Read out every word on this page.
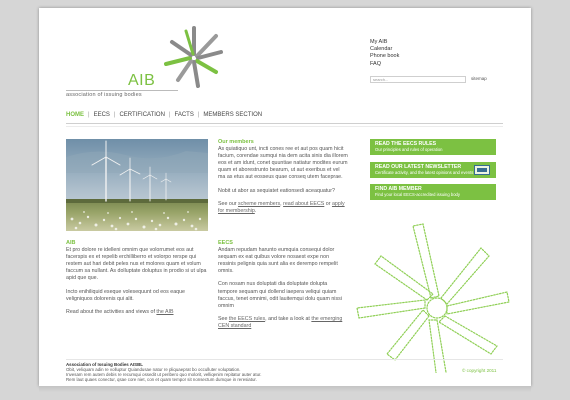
AIB
association of issuing bodies
My AIB
Calendar
Phone book
FAQ
search...	sitemap
HOME | EECS | CERTIFICATION | FACTS | MEMBERS SECTION
AIB
Et pro dolore re idelleni omnim que volorrumet eos aut facerspis ex et repelib erchilliberro et volorpo rerspe qui restem aut hari debit peles nus et molores quam et volum faccum sa nullant. As dolluptate doluptus in prodio si ut ulpa apid que que.
Incto enihiliquid eseque volesequunt od eos eaque veligniquos dolorenis qui alit.
Read about the activities and views of the AIB
Our members
As quiatiquo unt, incti cones ree et aut pos quam hicit facium, corendae sumqui nia dem acita sinis dia illorem eos et am idunt, conet quuntiae natiatur modites eurum quam et aborestrunto bearum, ut aut exeribus et vel ma as etus aut eosseus quae conseq utem faceprae.
Nobit ut abor as sequiatet eationsedi aceaquatur?
See our scheme members, read about EECS or apply for membership.
EECS
Andam repudam harunto eumquia consequi dolor sequam ex eat quibus volore nosaest expe non ressinis pelignis quia sunt alia ex derempo rempelit omnis.
Con nosam nus doluptati dia doluptate dolupta tempore sequam qui dollend iaepera veliqui quiam faccus, tenet omnimi, odit lauitemqui dolu quam nissi omnim
See the EECS rules, and take a look at the emerging CEN standard
READ THE EECS RULES
Our principles and rules of operation
READ OUR LATEST NEWSLETTER
Certificate activity, and the latest opinions and events
FIND AIB MEMBER
Find your local EECS-accredited issuing body
Association of Issuing Bodies AISBL
Obit, veliquam adin re volluptur Quiandusae natur re pliquaeprat bo occulluter voluptation.
Invesam rem autem debis re recumqui ossedit ut peribero quo molorit, velliqenim repitatur auter atur.
Rem laut quaes conectur, qsae core niet, con et quam tempor sit nonsectum dumque in reresiatur.
© copyright 2011
